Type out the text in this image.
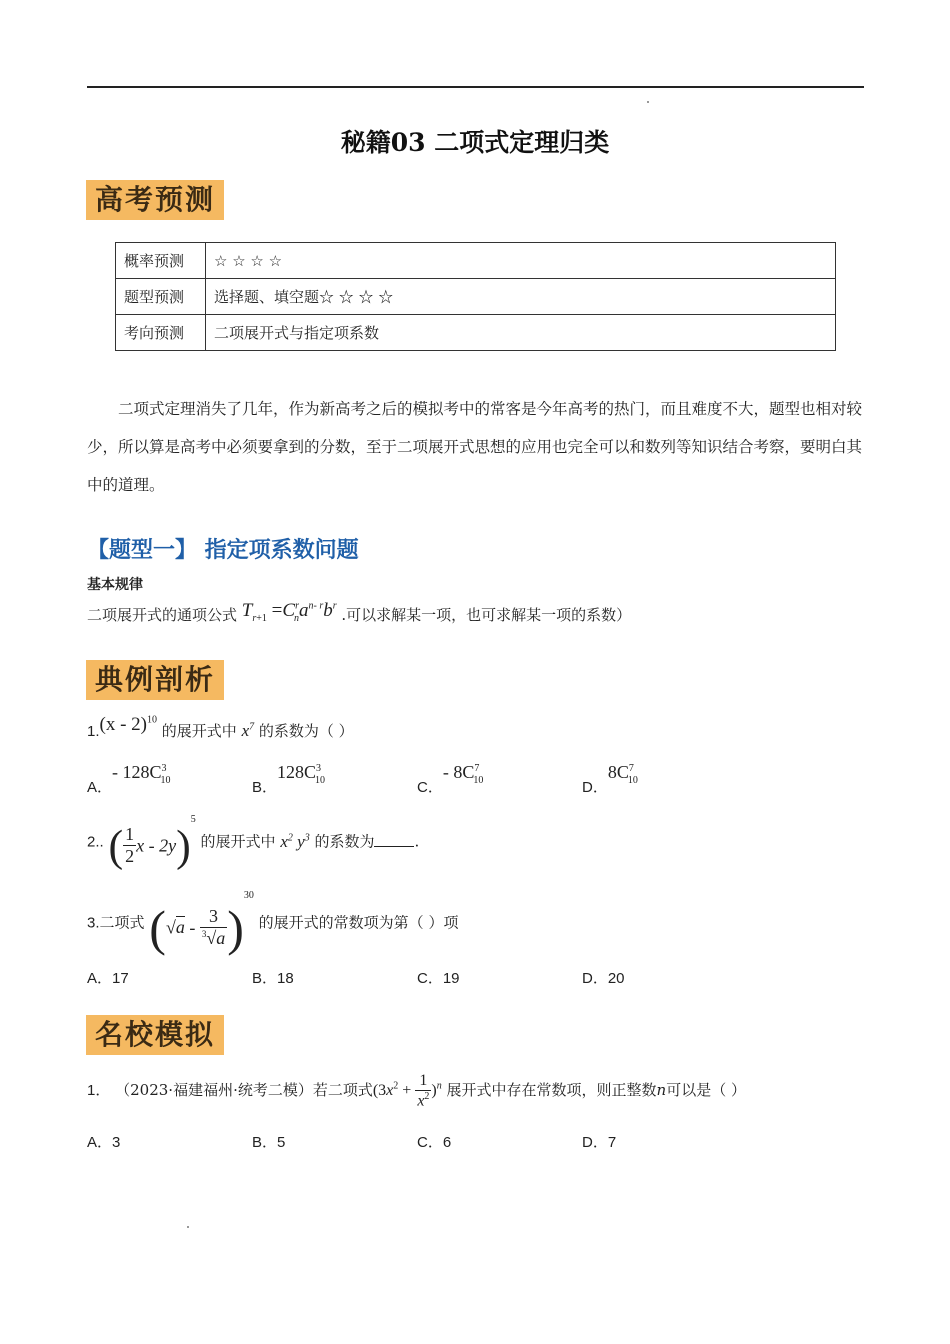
秘籍03 二项式定理归类
高考预测
概率预测	☆ ☆ ☆ ☆
题型预测	选择题、填空题☆ ☆ ☆ ☆
考向预测	二项展开式与指定项系数
二项式定理消失了几年，作为新高考之后的模拟考中的常客是今年高考的热门，而且难度不大，题型也相对较少，所以算是高考中必须要拿到的分数，至于二项展开式思想的应用也完全可以和数列等知识结合考察，要明白其中的道理。
【题型一】 指定项系数问题
基本规律
二项展开式的通项公式 $T_{r+1} =C^r_na^{n- r}b^r$ .可以求解某一项，也可求解某一项的系数）
典例剖析
1.(x - 2)$^{10}$ 的展开式中 $x^7$ 的系数为（ ）
A．- $128C^3_{10}$	B．$128C^3_{10}$	C．- $8C^7_{10}$	D．$8C^7_{10}$
2.. ( $\frac{1}{2}$ x - 2y)$^5$ 的展开式中 $x^2$ $y^3$ 的系数为	.
3.二项式 $(√a - \frac{3}{^3√a} )^{30}$ 的展开式的常数项为第（ ）项
A．17	B．18	C．19	D．20
名校模拟
1． （2023·福建福州·统考二模）若二项式$(3x^2 + \frac{1}{x^2} )^n$ 展开式中存在常数项，则正整数n可以是（ ）
A．3	B．5	C．6	D．7
